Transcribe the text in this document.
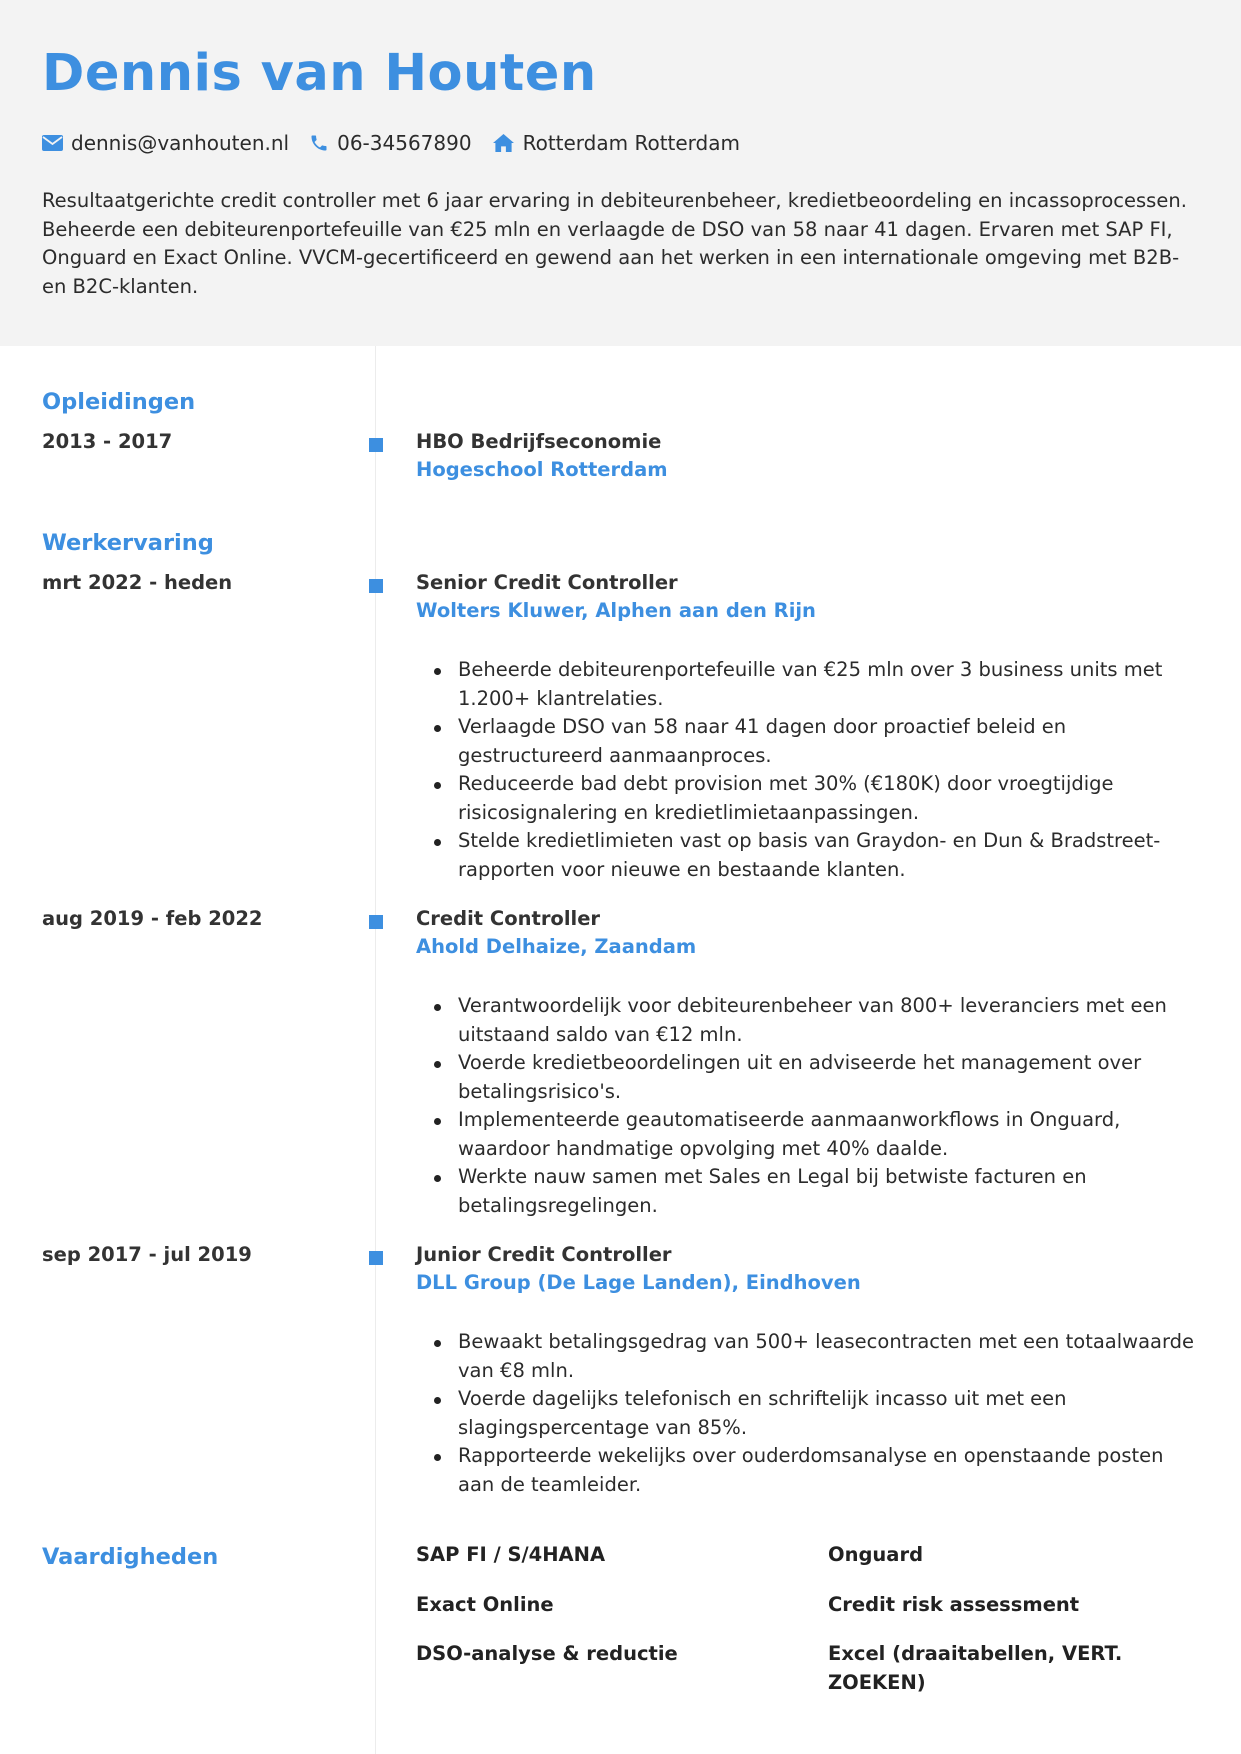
Dennis van Houten
dennis@vanhouten.nl 06-34567890	Rotterdam Rotterdam
Resultaatgerichte credit controller met 6 jaar ervaring in debiteurenbeheer, kredietbeoordeling en incassoprocessen. Beheerde een debiteurenportefeuille van €25 mln en verlaagde de DSO van 58 naar 41 dagen. Ervaren met SAP FI, Onguard en Exact Online. VVCM-gecertificeerd en gewend aan het werken in een internationale omgeving met B2B- en B2C-klanten.
Opleidingen
2013 - 2017	HBO Bedrijfseconomie
Hogeschool Rotterdam
Werkervaring
mrt 2022 - heden	Senior Credit Controller
Wolters Kluwer, Alphen aan den Rijn
Beheerde debiteurenportefeuille van €25 mln over 3 business units met 1.200+ klantrelaties.
Verlaagde DSO van 58 naar 41 dagen door proactief beleid en gestructureerd aanmaanproces.
Reduceerde bad debt provision met 30% (€180K) door vroegtijdige risicosignalering en kredietlimietaanpassingen.
Stelde kredietlimieten vast op basis van Graydon- en Dun & Bradstreet-rapporten voor nieuwe en bestaande klanten.
aug 2019 - feb 2022	Credit Controller
Ahold Delhaize, Zaandam
Verantwoordelijk voor debiteurenbeheer van 800+ leveranciers met een uitstaand saldo van €12 mln.
Voerde kredietbeoordelingen uit en adviseerde het management over betalingsrisico's.
Implementeerde geautomatiseerde aanmaanworkflows in Onguard, waardoor handmatige opvolging met 40% daalde.
Werkte nauw samen met Sales en Legal bij betwiste facturen en betalingsregelingen.
sep 2017 - jul 2019	Junior Credit Controller
DLL Group (De Lage Landen), Eindhoven
Bewaakt betalingsgedrag van 500+ leasecontracten met een totaalwaarde van €8 mln.
Voerde dagelijks telefonisch en schriftelijk incasso uit met een slagingspercentage van 85%.
Rapporteerde wekelijks over ouderdomsanalyse en openstaande posten aan de teamleider.
Vaardigheden	SAP FI / S/4HANA	Onguard
Exact Online	Credit risk assessment
DSO-analyse & reductie	Excel (draaitabellen, VERT. ZOEKEN)
